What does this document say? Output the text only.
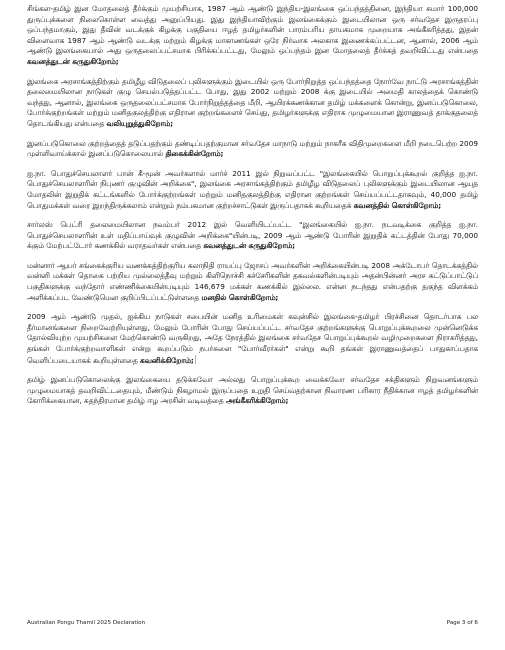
சிங்கள-தமிழ் இன மோதலைத் தீர்க்கும் முயற்சியாக, 1987 ஆம் ஆண்டு இந்திய-இலங்கை ஒப்பந்தத்தினை, இந்தியா சுமார் 100,000 துருப்புக்களை நிலைகொள்ள வைத்து அனுப்பியது. இது இந்தியாவிற்கும் இலங்கைக்கும் இடையிலான ஒரு சர்வதேச இருதரப்பு ஒப்பந்தமாகும், இது தீவின் வடக்குக் கிழக்கு பகுதியை ஈழத் தமிழர்களின் பாரம்பரிய தாயகமாக முறையாக அங்கீகரித்தது, இதன் விளைவாக 1987 ஆம் ஆண்டு வடக்கு மற்றும் கிழக்கு மாகாணங்கள் ஒரே நிர்வாக அலகாக இணைக்கப்பட்டன, ஆனால், 2006 ஆம் ஆண்டு இலங்கையால் அது ஒருதலைப்பட்சமாக பிரிக்கப்பட்டது, மேலும் ஒப்பந்தம் இன மோதலைத் தீர்க்கத் தவறிவிட்டது என்பதை கவனத்துடன் கருதுகிறோம்;

இலங்கை அரசாங்கத்திற்கும் தமிழீழ விடுதலைப் புலிகளுக்கும் இடையில் ஒரு போர்நிறுத்த ஒப்பந்தத்தை நோர்வே நாட்டு அரசாங்கத்தின் தலைமையிலான நாடுகள் குழு செயல்படுத்தப்பட்ட போது, இது 2002 மற்றும் 2008 க்கு இடையில் அமைதி காலத்தைக் கொண்டு வந்தது, ஆனால், இலங்கை ஒருதலைப்பட்சமாக போர்நிறுத்தத்தை மீறி, ஆயிரக்கணக்கான தமிழ் மக்களைக் கொன்று, இனப்படுகொலை, போர்க்குற்றங்கள் மற்றும் மனிதகுலத்திற்கு எதிரான குற்றங்களைச் செய்து, தமிழர்களுக்கு எதிராக முழுமையான இராணுவத் தாக்குதலைத் தொடங்கியது என்பதை வலியுறுத்துகிறோம்;

இனப்படுகொலை குற்றத்தைத் தடுப்பதற்கும் தண்டிப்பதற்குமான சர்வதேச மாநாடு மற்றும் நாகரீக விதிமுறைகளை மீறி நடைபெற்ற 2009 முள்ளிவாய்க்கால் இனப்படுகொலையால் திகைக்கின்றோம்;

ஐ.நா. பொதுச்செயலாளர் பான் கீ-மூன் அவர்களால் மார்ச் 2011 இல் நிறுவப்பட்ட "இலங்கையில் பொறுப்புக்கூறல் குறித்த ஐ.நா. பொதுச்செயலாளரின் நிபுணர் குழுவின் அறிக்கை", இலங்கை அரசாங்கத்திற்கும் தமிழீழ விடுதலைப் புலிகளுக்கும் இடையிலான ஆயுத மோதலின் இறுதிக் கட்டங்களில் போர்க்குற்றங்கள் மற்றும் மனிதகுலத்திற்கு எதிரான குற்றங்கள் செய்யப்பட்டதாகவும், 40,000 தமிழ் பொதுமக்கள் வரை இறந்திருக்கலாம் என்றும் நம்பகமான குற்றச்சாட்டுகள் இருப்பதாகக் கூறியதைக் கவனத்தில் கொள்கிறோம்;

சார்லஸ் பெட்ரி தலைமையிலான நவம்பர் 2012 இல் வெளியிடப்பட்ட "இலங்கையில் ஐ.நா. நடவடிக்கை குறித்த ஐ.நா. பொதுச்செயலாளரின் உள் மதிப்பாய்வுக் குழுவின் அறிக்கை"யின்படி, 2009 ஆம் ஆண்டு போரின் இறுதிக் கட்டத்தின் போது 70,000 க்கும் மேற்பட்டோர் கணக்கில் வராதவர்கள் என்பதை கவனத்துடன் கருதுகிறோம்;

மன்னார் ஆயர் சங்கைக்குரிய வணக்கத்திற்குரிய கலாநிதி ராயப்பு ஜோசப் அவர்களின் அறிக்கையின்படி 2008 அக்டோபர் தொடக்கத்தில் வன்னி மக்கள் தொகை பற்றிய முல்லைத்தீவு மற்றும் கிளிநொச்சி கச்சேரிகளின் தகவல்களின்படியும் அதன்பின்னர் அரச கட்டுப்பாட்டுப் பகுதிகளுக்கு வந்தோர் எண்ணிக்கையின்படியும் 146,679 மக்கள் கணக்கில் இல்லை. என்ன நடந்தது என்பதற்கு தகுந்த விளக்கம் அளிக்கப்பட வேண்டுமென குறிப்பிடப்பட்டுள்ளதை மனதில் கொள்கிறோம்;

2009 ஆம் ஆண்டு முதல், ஐக்கிய நாடுகள் சபையின் மனித உரிமைகள் கவுன்சில் இலங்கை-தமிழர் பிரச்சினை தொடர்பாக பல தீர்மானங்களை நிறைவேற்றியுள்ளது, மேலும் போரின் போது செய்யப்பட்ட சர்வதேச குற்றங்களுக்கு பொறுப்புக்கூறலை முன்னெடுக்க தோல்வியுற்ற முயற்சிகளை மேற்கொண்டு வருகிறது, அதே நேரத்தில் இலங்கை சர்வதேச பொறுப்புக்கூறல் வழிமுறைகளை நிராகரித்தது, தங்கள் போர்க்குற்றவாளிகள் என்று கூறப்படும் நபர்களை "போர்வீரர்கள்" என்று கூறி தங்கள் இராணுவத்தைப் பாதுகாப்பதாக வெளிப்படையாகக் கூறியுள்ளதை கவனிக்கிறோம்;

தமிழ் இனப்படுகொலைக்கு இலங்கையை தடுக்கவோ அல்லது பொறுப்புக்கூற வைக்கவோ சர்வதேச சக்திகளும் நிறுவனங்களும் முழுமையாகத் தவறிவிட்டதையும், மீண்டும் நிகழாமல் இருப்பதை உறுதி செய்வதற்கான நிவாரண பரிகார நீதிக்கான ஈழத் தமிழர்களின் கோரிக்கையான, சுதந்திரமான தமிழ் ஈழ அரசின் வடிவத்தை அங்கீகரிக்கிறோம்;

Australian Pongu Thamil 2025 Declaration	Page 3 of 6
